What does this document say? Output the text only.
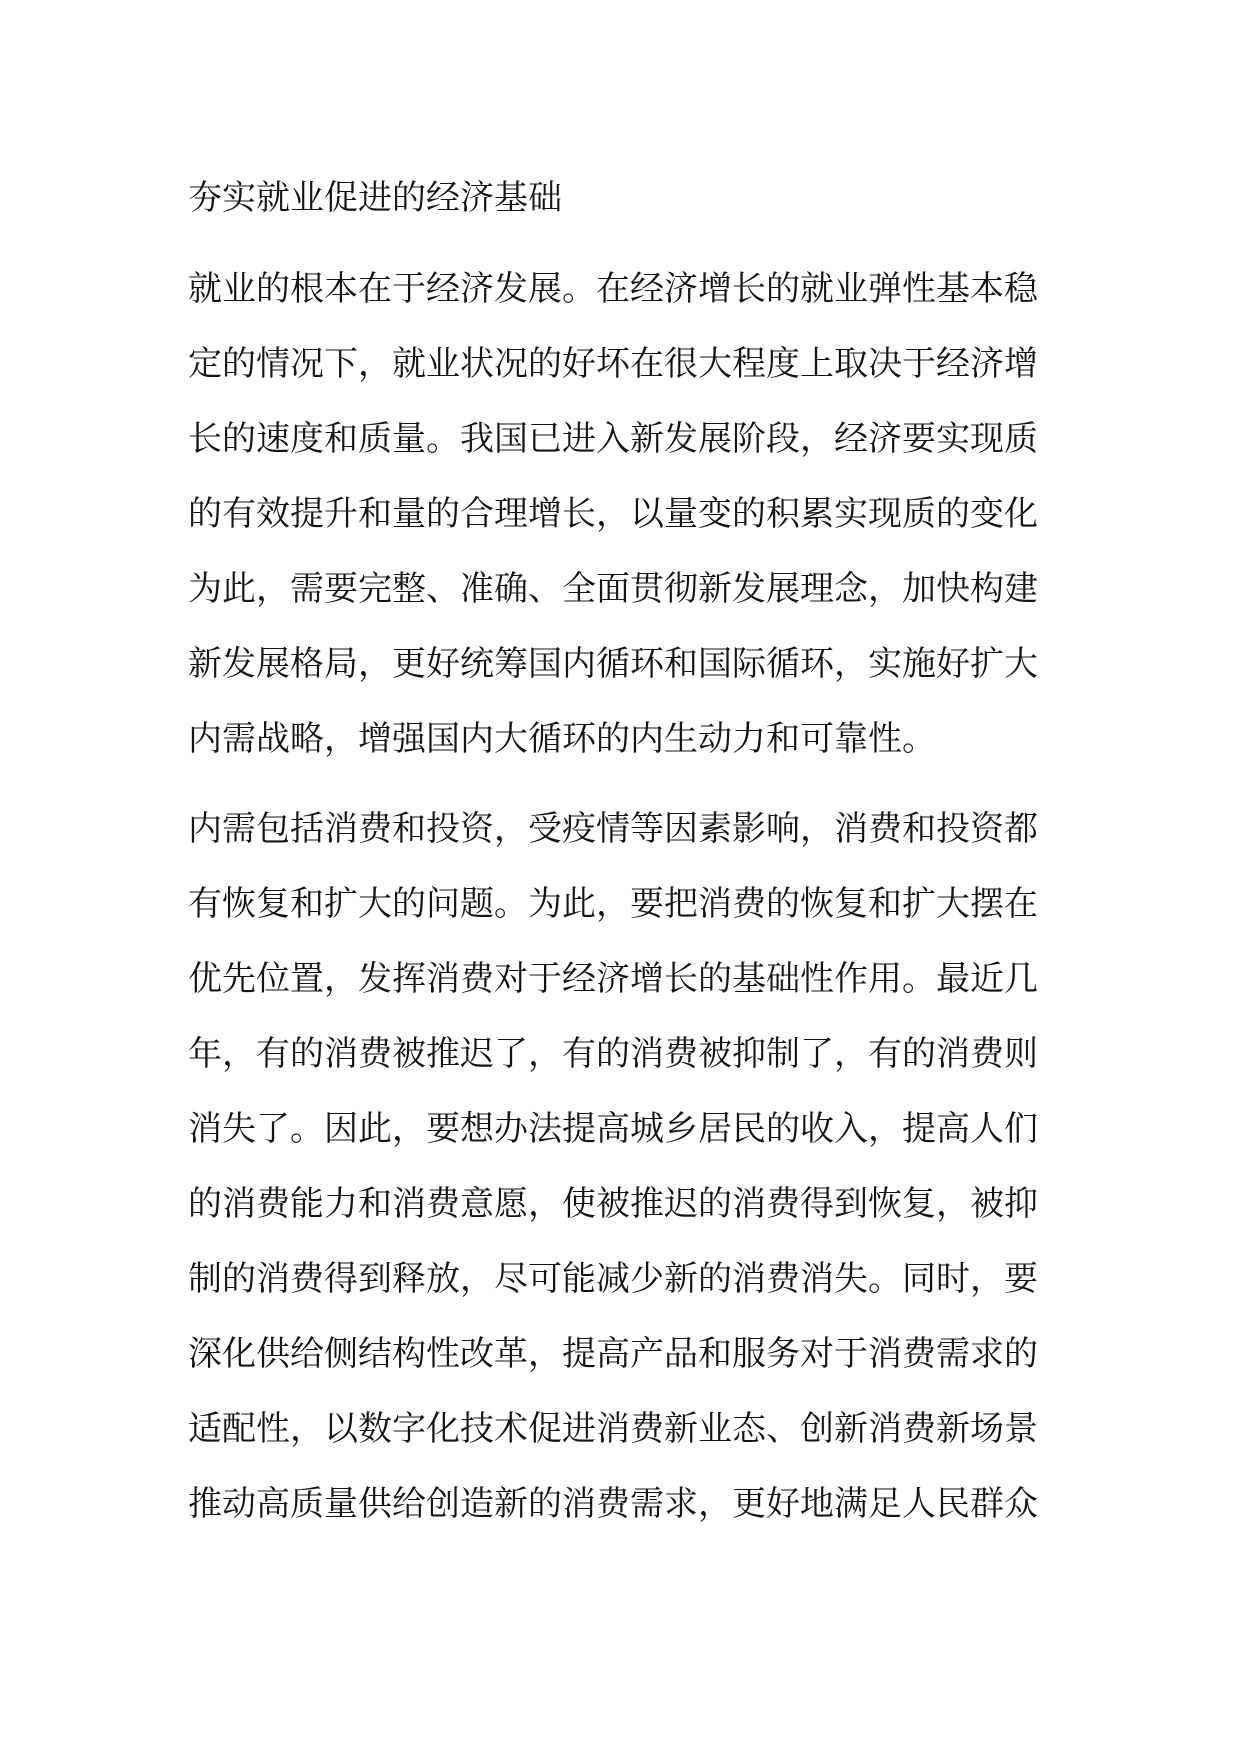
夯实就业促进的经济基础
就业的根本在于经济发展。在经济增长的就业弹性基本稳
定的情况下，就业状况的好坏在很大程度上取决于经济增
长的速度和质量。我国已进入新发展阶段，经济要实现质
的有效提升和量的合理增长，以量变的积累实现质的变化
为此，需要完整、准确、全面贯彻新发展理念，加快构建
新发展格局，更好统筹国内循环和国际循环，实施好扩大
内需战略，增强国内大循环的内生动力和可靠性。
内需包括消费和投资，受疫情等因素影响，消费和投资都
有恢复和扩大的问题。为此，要把消费的恢复和扩大摆在
优先位置，发挥消费对于经济增长的基础性作用。最近几
年，有的消费被推迟了，有的消费被抑制了，有的消费则
消失了。因此，要想办法提高城乡居民的收入，提高人们
的消费能力和消费意愿，使被推迟的消费得到恢复，被抑
制的消费得到释放，尽可能减少新的消费消失。同时，要
深化供给侧结构性改革，提高产品和服务对于消费需求的
适配性，以数字化技术促进消费新业态、创新消费新场景
推动高质量供给创造新的消费需求，更好地满足人民群众
